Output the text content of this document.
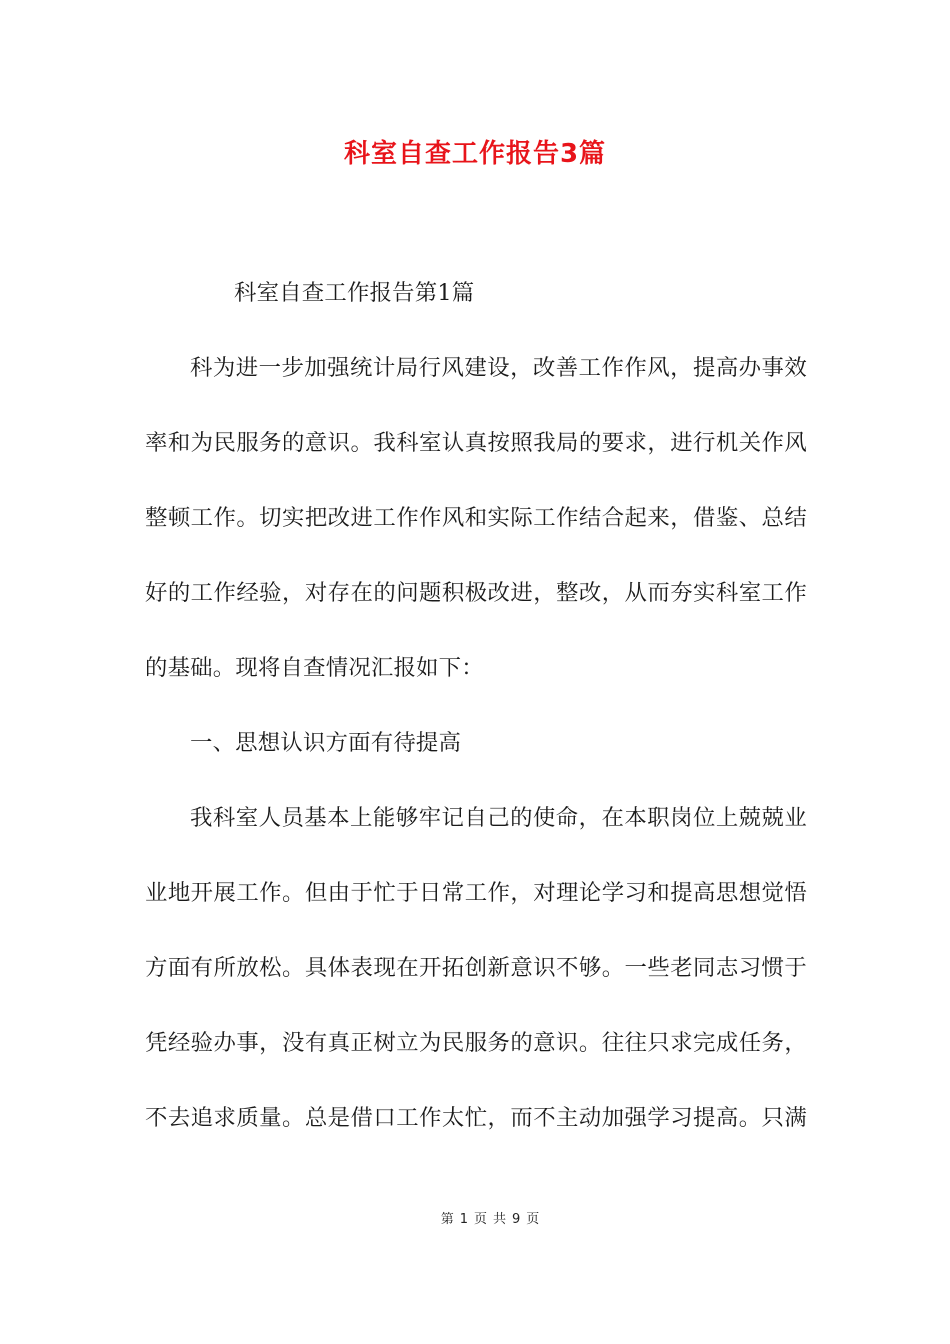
科室自查工作报告3篇
科室自查工作报告第1篇
科为进一步加强统计局行风建设，改善工作作风，提高办事效
率和为民服务的意识。我科室认真按照我局的要求，进行机关作风
整顿工作。切实把改进工作作风和实际工作结合起来，借鉴、总结
好的工作经验，对存在的问题积极改进，整改，从而夯实科室工作
的基础。现将自查情况汇报如下：
一、思想认识方面有待提高
我科室人员基本上能够牢记自己的使命，在本职岗位上兢兢业
业地开展工作。但由于忙于日常工作，对理论学习和提高思想觉悟
方面有所放松。具体表现在开拓创新意识不够。一些老同志习惯于
凭经验办事，没有真正树立为民服务的意识。往往只求完成任务，
不去追求质量。总是借口工作太忙，而不主动加强学习提高。只满
第 1 页 共 9 页
